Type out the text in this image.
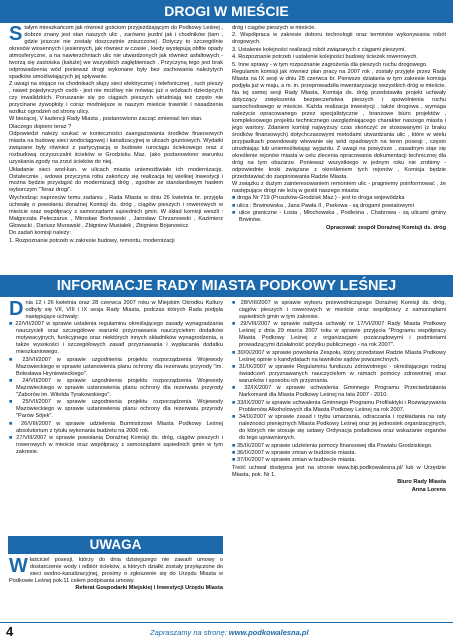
DROGI W MIEŚCIE

Stałym mieszkańcom jak również gościom przyjeżdżającym do Podkowy Leśnej , dobrze znany jest stan naszych ulic , zarówno jezdni jak i chodników (tam , gdzie jeszcze nie zostały doszczętnie zniszczone). Dotyczy to szczególnie okresów wiosennych i jesiennych, jak również w czasie , kiedy występują obfite opady atmosferyczne, a na nawierzchniach ulic nie utwardzonych jak również asfaltowych - tworzą się zastoiska (kałuże) we wszystkich zagłębieniach . Przyczyną tego jest brak odprowadzenia wód ponieważ drogi wykonane były bez zachowania należytych spadków umożliwiających jej spływanie.

Z uwagi na stojące na chodnikach słupy sieci elektrycznej i telefonicznej , ruch pieszy , nawet pojedynczych osób - jest nie możliwy nie mówiąc już o wózkach dziecięcych czy inwalidzkich. Poruszanie się po ciągach pieszych utrudniają też często nie przycinane żywopłoty i coraz modniejsze w naszym mieście trawniki i nasadzenia wzdłuż ogrodzeń od strony ulicy.

W bieżącej, V kadencji Rady Miasta , postanowiono zacząć zmieniać ten stan.

Dlaczego dopiero teraz ?

Odpowiedzi należy szukać w konieczności zaangażowania środków finansowych miasta na budowę sieci wodociągowej i kanalizacyjnej w ulicach gruntowych. Wydatki związane były również z partycypacją w budowie rurociągu ściekowego oraz z rozbudową oczyszczalni ścieków w Grodzisku Maz. (ako postanowiono warunku uzyskania zgody na zrzut ścieków do niej.

Układanie sieci wod-kan. w ulicach miasta uniemożliwiało ich modernizację. Ostatecznie , wdowa przyczyna robu zakończy się realizacja tej wielkiej inwestycji i można będzie przystąpić do modernizacji dróg , zgodnie ze standardowym hasłem wyborczym "Teraz drogi".

Wychodząc naprzeciw temu zadaniu , Rada Miasta w dniu 26 kwietnia br. przyjęła uchwałę o powołaniu doraźnej Komisji ds. dróg , ciągów pieszych i rowerowych w mieście oraz współpracy z samorządami sąsiednich gmin. W skład komisji weszli : Małgorzata Pełeczarus , Mirosław Borkowski , Jarosław Chrzanowski , Kazimierz Głowacki , Dariusz Murawski , Zbigniew Musiałek , Zbigniew Bojanowicz.

Do zadań komisji należy:

1. Rozpoznanie potrzeb w zakresie budowy, remontu, modernizacji

dróg i ciągów pieszych w mieście.

2. Współpraca w zakresie doboru technologii oraz terminów wykonywania robót drogowych.

3. Ustalenie kolejności realizacji robót związanych z ciągami pieszymi.

4. Rozpoznanie potrzeb i ustalenie kolejności budowy ścieżek rowerowych.

5. Inne sprawy - w tym rozpoznanie zagrożenia dla pieszych ruchu drogowego.

Regulamin komisji jak również plan pracy na 2007 rok , zostały przyjęte przez Radę Miasta na IX sesji w dniu 28 czerwca br. Pierwsze działania w tym zakresie komisja podjęła już w maju, a m. in. przeprowadziła inwentaryzację wszystkich dróg w mieście. Na tej samej sesji Rady Miasta, Komisja ds. dróg przedstawiła projekt uchwały dotyczący zwiększenia bezpieczeństwa pieszych i spowolnienia ruchu samochodowego w mieście. Każda realizacja inwestycji , także drogowa , wymaga należycie opracowanego przez specjalistyczne , branżowe biuro projektów , kompleksowego projektu technicznego uwzględniającego charakter naszego miasta i jego wartory. Zdaniem komisji najwyższy czas skończyć ze stosowanymi (z braku środków finansowych) dotychczasowymi metodami utwardzania ulic , które w wielu przypadkach powodowały wlewanie się wód opadowych na teren posesji , często utrudniając lub uniemożliwiając wyjazdu. Z uwagi na powyższe , zasadnym stąe się określenie rejonów miasta w celu zlecenia opracowania dokumentacji technicznej dla dróg na tym obszarze. Ponieważ wszystkiego w jednym roku nie zrobimy - odpowiednie kroki związane z określeniem tych rejonów , Komisja będzie przedstawiać do zaopiniowania Radzie Miasta.

W związku z dużym zainteresowaniem remontem ulic - pragniemy poinformować , że następujące drogi nie leżą w gestii naszego miasta:

■ droga Nr 719 (Pruszków-Grodzisk Maz.) - jest to droga wojewódzka

■ ulica : Brwinowska , Jana Pawła II , Parkowa - są drogami powiatowymi

■ ulice graniczne - Łosia , Młochowska , Podleśna , Chabrowa - są ulicami gminy Brwinów.

Opracował: zespół Doraźnej Komisji ds. dróg

INFORMACJE RADY MIASTA PODKOWY LEŚNEJ

Dnia 12 i 26 kwietnia oraz 28 czerwca 2007 roku w Miejskim Ośrodku Kultury odbyły się VII, VIII i IX sesja Rady Miasta, podczas których Rada podjęła następujące uchwały:

■ 22/VII/2007 w sprawie ustalenia regulaminu określającego zasady wynagradzania nauczycieli oraz szczegółowe warunki przyznawania nauczycielom dodatków motywacyjnych, funkcyjnego oraz niektórych innych składników wynagrodzenia, a także wysokości i szczegółowych zasad przyznawania i wypłacania dodatku mieszkaniowego.

■ 23/VII/2007 w sprawie uzgodnienia projektu rozporządzenia Wojewody Mazowieckiego w sprawie ustanowienia planu ochrony dla rezerwatu przyrody "im. Bolesława Hryniewieckiego".

■ 24/VII/2007 w sprawie uzgodnienia projektu rozporządzenia Wojewody Mazowieckiego w sprawie ustanowienia planu ochrony dla rezerwatu przyrody "Zaborów im. Witolda Tyrakowskiego".

■ 25/VII/2007 w sprawie uzgodnienia projektu rozporządzenia Wojewody Mazowieckiego w sprawie ustanowienia planu ochrony dla rezerwatu przyrody "Parów Sójek".

■ 26/VIII/2007 w sprawie udzielenia Burmistrzowi Miasta Podkowy Leśnej absolutorium z tytułu wykonania budżetu na 2006 rok.

■ 27/VIII/2007 w sprawie powołania Doraźnej Komisji ds. dróg, ciągów pieszych i rowerowych w mieście oraz współpracy z samorządami sąsiednich gmin w tym zakresie.

■ 28/VIII/2007 w sprawie wyboru przewodniczącego Doraźnej Komisji ds. dróg, ciągów pieszych i rowerowych w mieście oraz współpracy z samorządami sąsiednich gmin w tym zakresie.

■ 29/VIII/2007 w sprawie nabycia uchwały nr 17/VI/2007 Rady Miasta Podkowy Leśnej z dnia 29 marca 2007 roku w sprawie przyjęcia "Programu współpracy Miasta Podkowy Leśnej z organizacjami pozarządowymi i podmiotami prowadzącymi działalność pożytku publicznego - na rok 2007".

■ 30/IX/2007 w sprawie powołania Zespołu, który przedstawi Radzie Miasta Podkowy Leśnej opinie o kandydatach na ławników sądów powszechnych.

■ 31/IX/2007 w sprawie Regulaminu funduszu zdrowotnego - określającego rodzaj świadczeń przyznawanych nauczycielom w ramach pomocy zdrowotnej oraz warunków i sposobu ich przyznania.

■ 32/IX/2007 w sprawie uchwalenia Gminnego Programu Przeciwdziałania Narkomanii dla Miasta Podkowy Leśnej na lata 2007 - 2010.

■ 33/IX/2007 w sprawie uchwalenia Gminnego Programu Profilaktyki i Rozwiązywania Problemów Alkoholowych dla Miasta Podkowy Leśnej na rok 2007.

■ 34/IX/2007 w sprawie zasad i trybu umarzania, odraczania i rozkładania na raty należności pieniężnych Miasta Podkowy Leśnej oraz jej jednostek organizacyjnych, do których nie stosuje się ustawy Ordynacja podatkowa oraz wskazanie organów do tego uprawnionych.

■ 35/IX/2007 w sprawie udzielenia pomocy finansowej dla Powiatu Grodziskiego.

■ 36/IX/2007 w sprawie zmian w budżecie miasta.

■ 37/IX/2007 w sprawie zmian w budżecie miasta.

Treść uchwał dostępna jest na stronie www.bip.podkowalesna.pl/ lub w Urzędzie Miasta, pok. Nr 1.

Biuro Rady Miasta

Anna Lorens

UWAGA

Właściciel posesji, którzy do dnia dzisiejszego nie zawarli umowy o dostarczenie wody i odbiór ścieków, a których działki zostały przyłączone do sieci wodno-kanalizacyjnej, prosimy o zgłoszenie się do Urzędu Miasta w Podkowie Leśnej pok.11 celem podpisania umowy.

Referat Gospodarki Miejskiej i Inwestycji Urzędu Miasta

4	Zapraszamy na stronę: www.podkowalesna.pl
